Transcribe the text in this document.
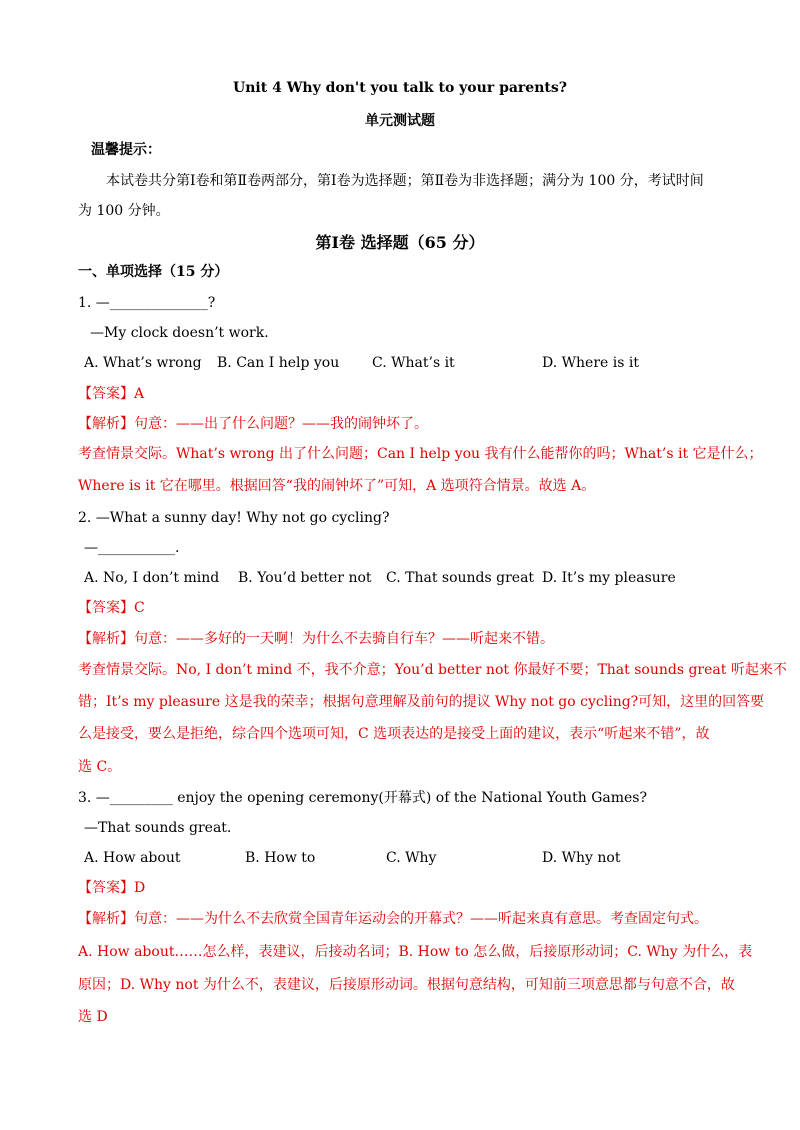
Unit 4 Why don't you talk to your parents?
单元测试题
温馨提示：
本试卷共分第Ⅰ卷和第Ⅱ卷两部分，第Ⅰ卷为选择题；第Ⅱ卷为非选择题；满分为 100 分，考试时间
为 100 分钟。
第Ⅰ卷 选择题（65 分）
一、单项选择（15 分）
1. —______________?
—My clock doesn’t work.
A. What’s wrong B. Can I help you C. What’s it	D. Where is it
【答案】A
【解析】句意：——出了什么问题？——我的闹钟坏了。
考查情景交际。What’s wrong 出了什么问题；Can I help you 我有什么能帮你的吗；What’s it 它是什么；
Where is it 它在哪里。根据回答“我的闹钟坏了”可知，A 选项符合情景。故选 A。
2. —What a sunny day! Why not go cycling?
—___________.
A. No, I don’t mind B. You’d better not C. That sounds great D. It’s my pleasure
【答案】C
【解析】句意：——多好的一天啊！为什么不去骑自行车？——听起来不错。
考查情景交际。No, I don’t mind 不，我不介意；You’d better not 你最好不要；That sounds great 听起来不
错；It’s my pleasure 这是我的荣幸；根据句意理解及前句的提议 Why not go cycling?可知，这里的回答要
么是接受，要么是拒绝，综合四个选项可知，C 选项表达的是接受上面的建议，表示“听起来不错”，故
选 C。
3. —_________ enjoy the opening ceremony(开幕式) of the National Youth Games?
—That sounds great.
A. How about	B. How to	C. Why	D. Why not
【答案】D
【解析】句意：——为什么不去欣赏全国青年运动会的开幕式？——听起来真有意思。考查固定句式。
A. How about……怎么样，表建议，后接动名词；B. How to 怎么做，后接原形动词；C. Why 为什么，表
原因；D. Why not 为什么不，表建议，后接原形动词。根据句意结构，可知前三项意思都与句意不合，故
选 D
